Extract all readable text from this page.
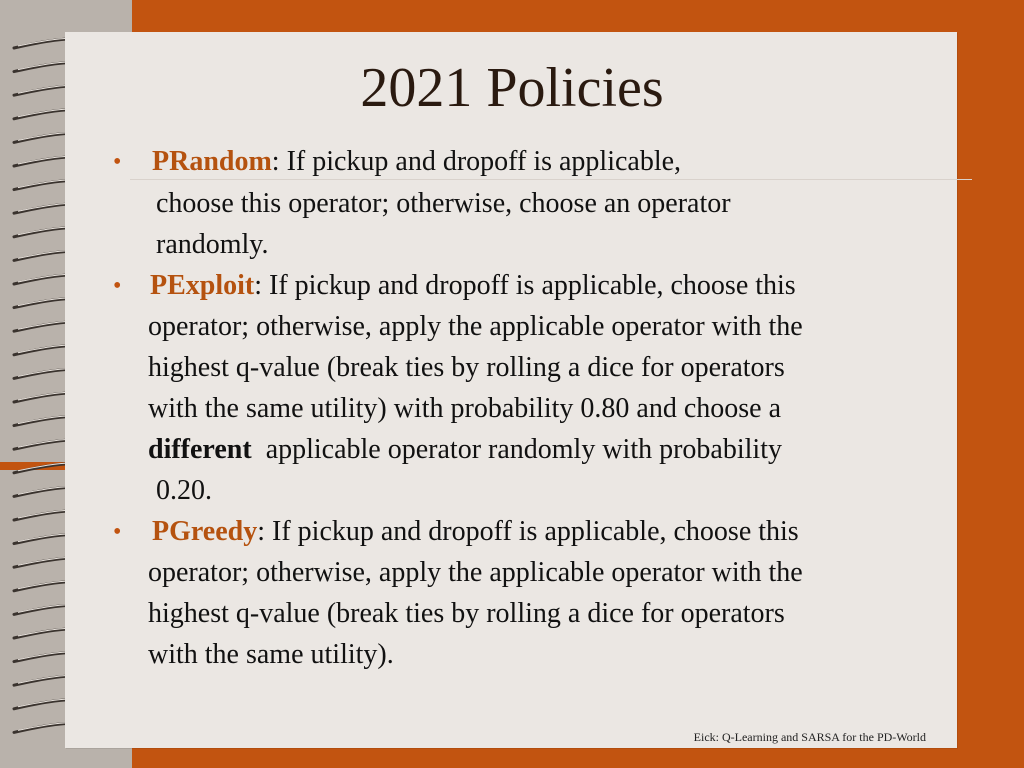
2021 Policies
• PRandom: If pickup and dropoff is applicable,
choose this operator; otherwise, choose an operator
randomly.
• PExploit: If pickup and dropoff is applicable, choose this
operator; otherwise, apply the applicable operator with the
highest q-value (break ties by rolling a dice for operators
with the same utility) with probability 0.80 and choose a
different  applicable operator randomly with probability
0.20.
• PGreedy: If pickup and dropoff is applicable, choose this
operator; otherwise, apply the applicable operator with the
highest q-value (break ties by rolling a dice for operators
with the same utility).
Eick: Q-Learning and SARSA for the PD-World
